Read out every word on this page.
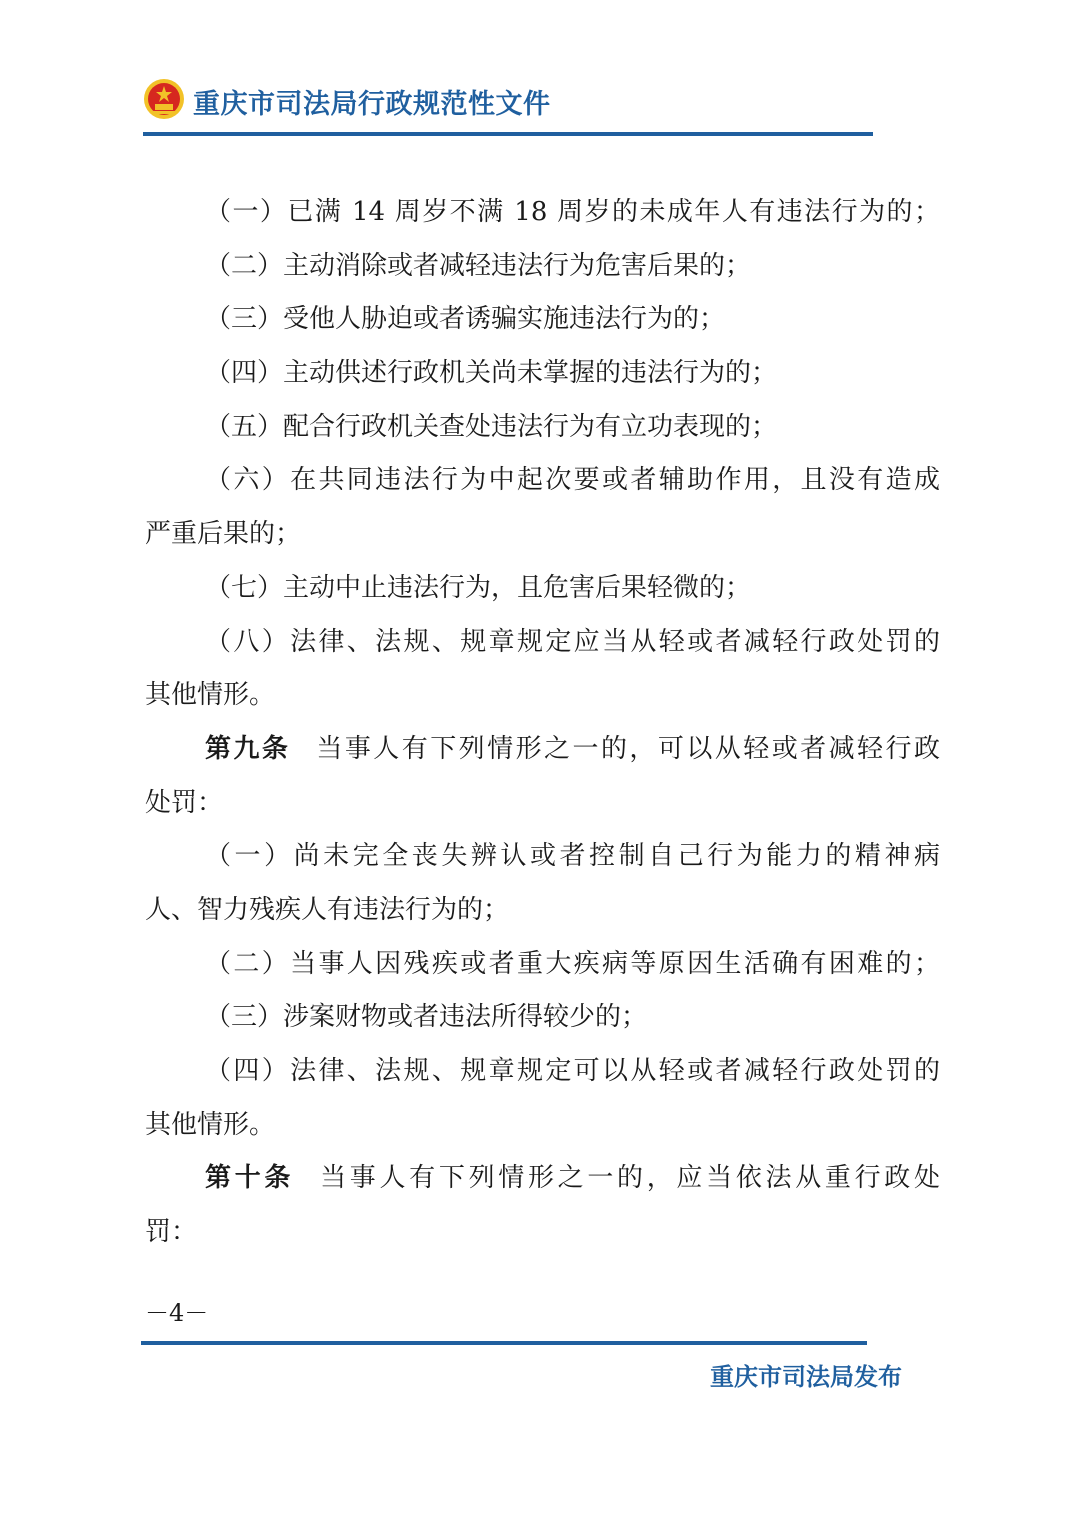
重庆市司法局行政规范性文件
（一）已满 14 周岁不满 18 周岁的未成年人有违法行为的；
（二）主动消除或者减轻违法行为危害后果的；
（三）受他人胁迫或者诱骗实施违法行为的；
（四）主动供述行政机关尚未掌握的违法行为的；
（五）配合行政机关查处违法行为有立功表现的；
（六）在共同违法行为中起次要或者辅助作用，且没有造成
严重后果的；
（七）主动中止违法行为，且危害后果轻微的；
（八）法律、法规、规章规定应当从轻或者减轻行政处罚的
其他情形。
第九条 当事人有下列情形之一的，可以从轻或者减轻行政
处罚：
（一）尚未完全丧失辨认或者控制自己行为能力的精神病
人、智力残疾人有违法行为的；
（二）当事人因残疾或者重大疾病等原因生活确有困难的；
（三）涉案财物或者违法所得较少的；
（四）法律、法规、规章规定可以从轻或者减轻行政处罚的
其他情形。
第十条 当事人有下列情形之一的，应当依法从重行政处
罚：
－4－
重庆市司法局发布
